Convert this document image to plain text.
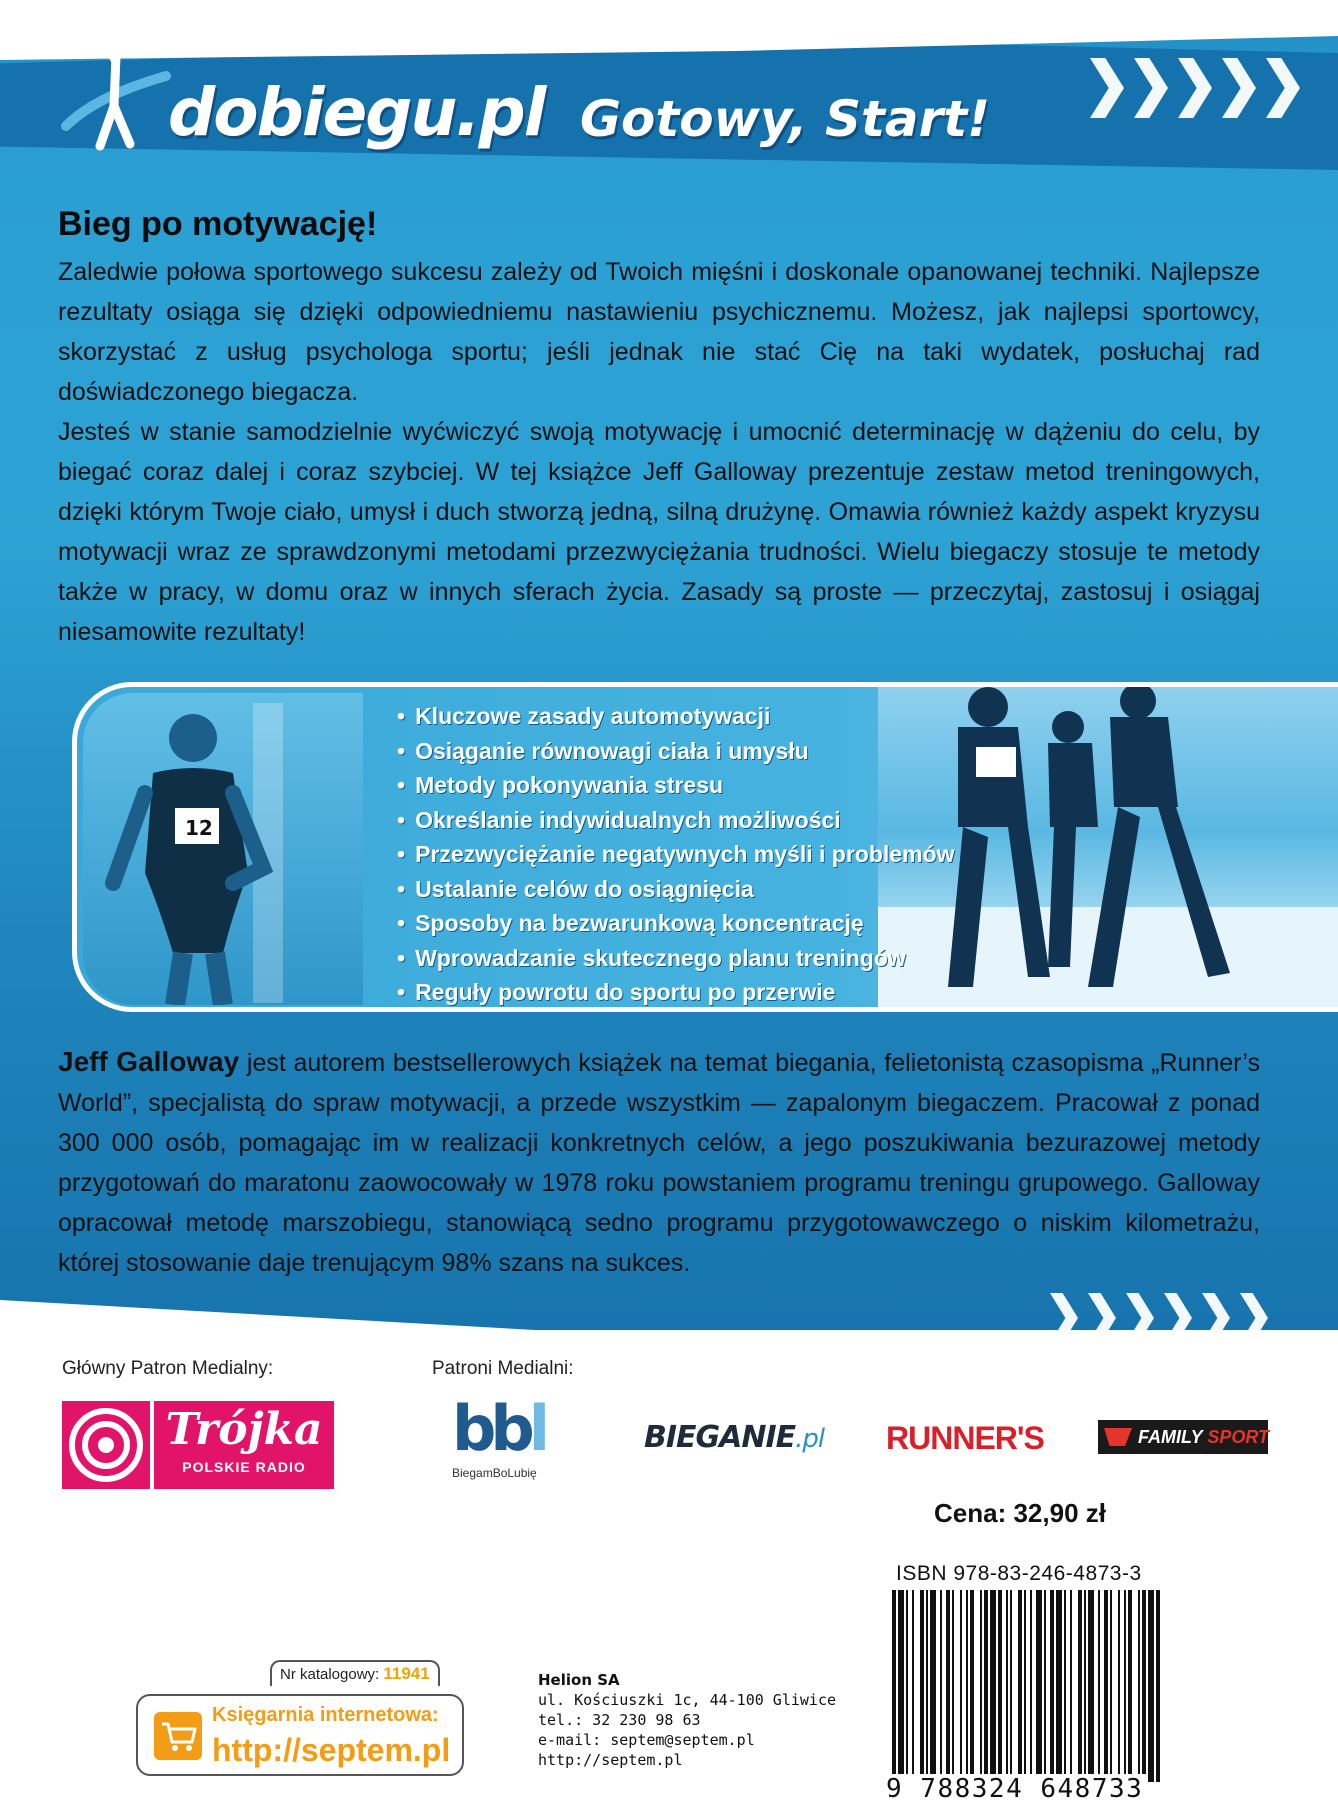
dobiegu.pl Gotowy, Start!
Bieg po motywację!

Zaledwie połowa sportowego sukcesu zależy od Twoich mięśni i doskonale opanowanej techniki. Najlepsze rezultaty osiąga się dzięki odpowiedniemu nastawieniu psychicznemu. Możesz, jak najlepsi sportowcy, skorzystać z usług psychologa sportu; jeśli jednak nie stać Cię na taki wydatek, posłuchaj rad doświadczonego biegacza.

Jesteś w stanie samodzielnie wyćwiczyć swoją motywację i umocnić determinację w dążeniu do celu, by biegać coraz dalej i coraz szybciej. W tej książce Jeff Galloway prezentuje zestaw metod treningowych, dzięki którym Twoje ciało, umysł i duch stworzą jedną, silną drużynę. Omawia również każdy aspekt kryzysu motywacji wraz ze sprawdzonymi metodami przezwyciężania trudności. Wielu biegaczy stosuje te metody także w pracy, w domu oraz w innych sferach życia. Zasady są proste — przeczytaj, zastosuj i osiągaj niesamowite rezultaty!

12
• Kluczowe zasady automotywacji
• Osiąganie równowagi ciała i umysłu
• Metody pokonywania stresu
• Określanie indywidualnych możliwości
• Przezwyciężanie negatywnych myśli i problemów
• Ustalanie celów do osiągnięcia
• Sposoby na bezwarunkową koncentrację
• Wprowadzanie skutecznego planu treningów
• Reguły powrotu do sportu po przerwie

Jeff Galloway jest autorem bestsellerowych książek na temat biegania, felietonistą czasopisma „Runner’s World”, specjalistą do spraw motywacji, a przede wszystkim — zapalonym biegaczem. Pracował z ponad 300 000 osób, pomagając im w realizacji konkretnych celów, a jego poszukiwania bezurazowej metody przygotowań do maratonu zaowocowały w 1978 roku powstaniem programu treningu grupowego. Galloway opracował metodę marszobiegu, stanowiącą sedno programu przygotowawczego o niskim kilometrażu, której stosowanie daje trenującym 98% szans na sukces.

Główny Patron Medialny:	Patroni Medialni:
Trójka
POLSKIE RADIO
bbl
BiegamBoLubię
BIEGANIE.pl RUNNER'S	FAMILY SPORT
Cena: 32,90 zł
ISBN 978-83-246-4873-3
9 788324 648733
Nr katalogowy: 11941
Księgarnia internetowa:
http://septem.pl
Helion SA
ul. Kościuszki 1c, 44-100 Gliwice
tel.: 32 230 98 63
e-mail: septem@septem.pl
http://septem.pl
